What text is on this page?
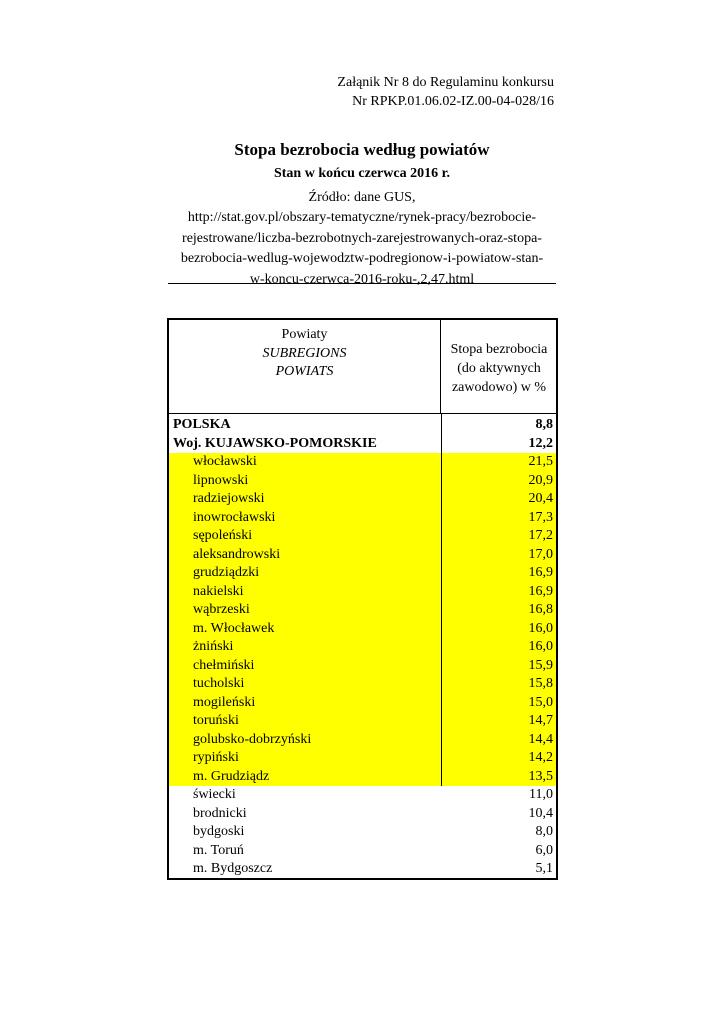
Załąnik Nr 8 do Regulaminu konkursu
Nr RPKP.01.06.02-IZ.00-04-028/16
Stopa bezrobocia według powiatów
Stan w końcu czerwca 2016 r.
Źródło: dane GUS,
http://stat.gov.pl/obszary-tematyczne/rynek-pracy/bezrobocie-
rejestrowane/liczba-bezrobotnych-zarejestrowanych-oraz-stopa-
bezrobocia-wedlug-wojewodztw-podregionow-i-powiatow-stan-
w-koncu-czerwca-2016-roku-,2,47.html
Powiaty
SUBREGIONS
POWIATS
Stopa bezrobocia
(do aktywnych
zawodowo) w %
POLSKA	8,8
Woj. KUJAWSKO-POMORSKIE	12,2
włocławski	21,5
lipnowski	20,9
radziejowski	20,4
inowrocławski	17,3
sępoleński	17,2
aleksandrowski	17,0
grudziądzki	16,9
nakielski	16,9
wąbrzeski	16,8
m. Włocławek	16,0
żniński	16,0
chełmiński	15,9
tucholski	15,8
mogileński	15,0
toruński	14,7
golubsko-dobrzyński	14,4
rypiński	14,2
m. Grudziądz	13,5
świecki	11,0
brodnicki	10,4
bydgoski	8,0
m. Toruń	6,0
m. Bydgoszcz	5,1
